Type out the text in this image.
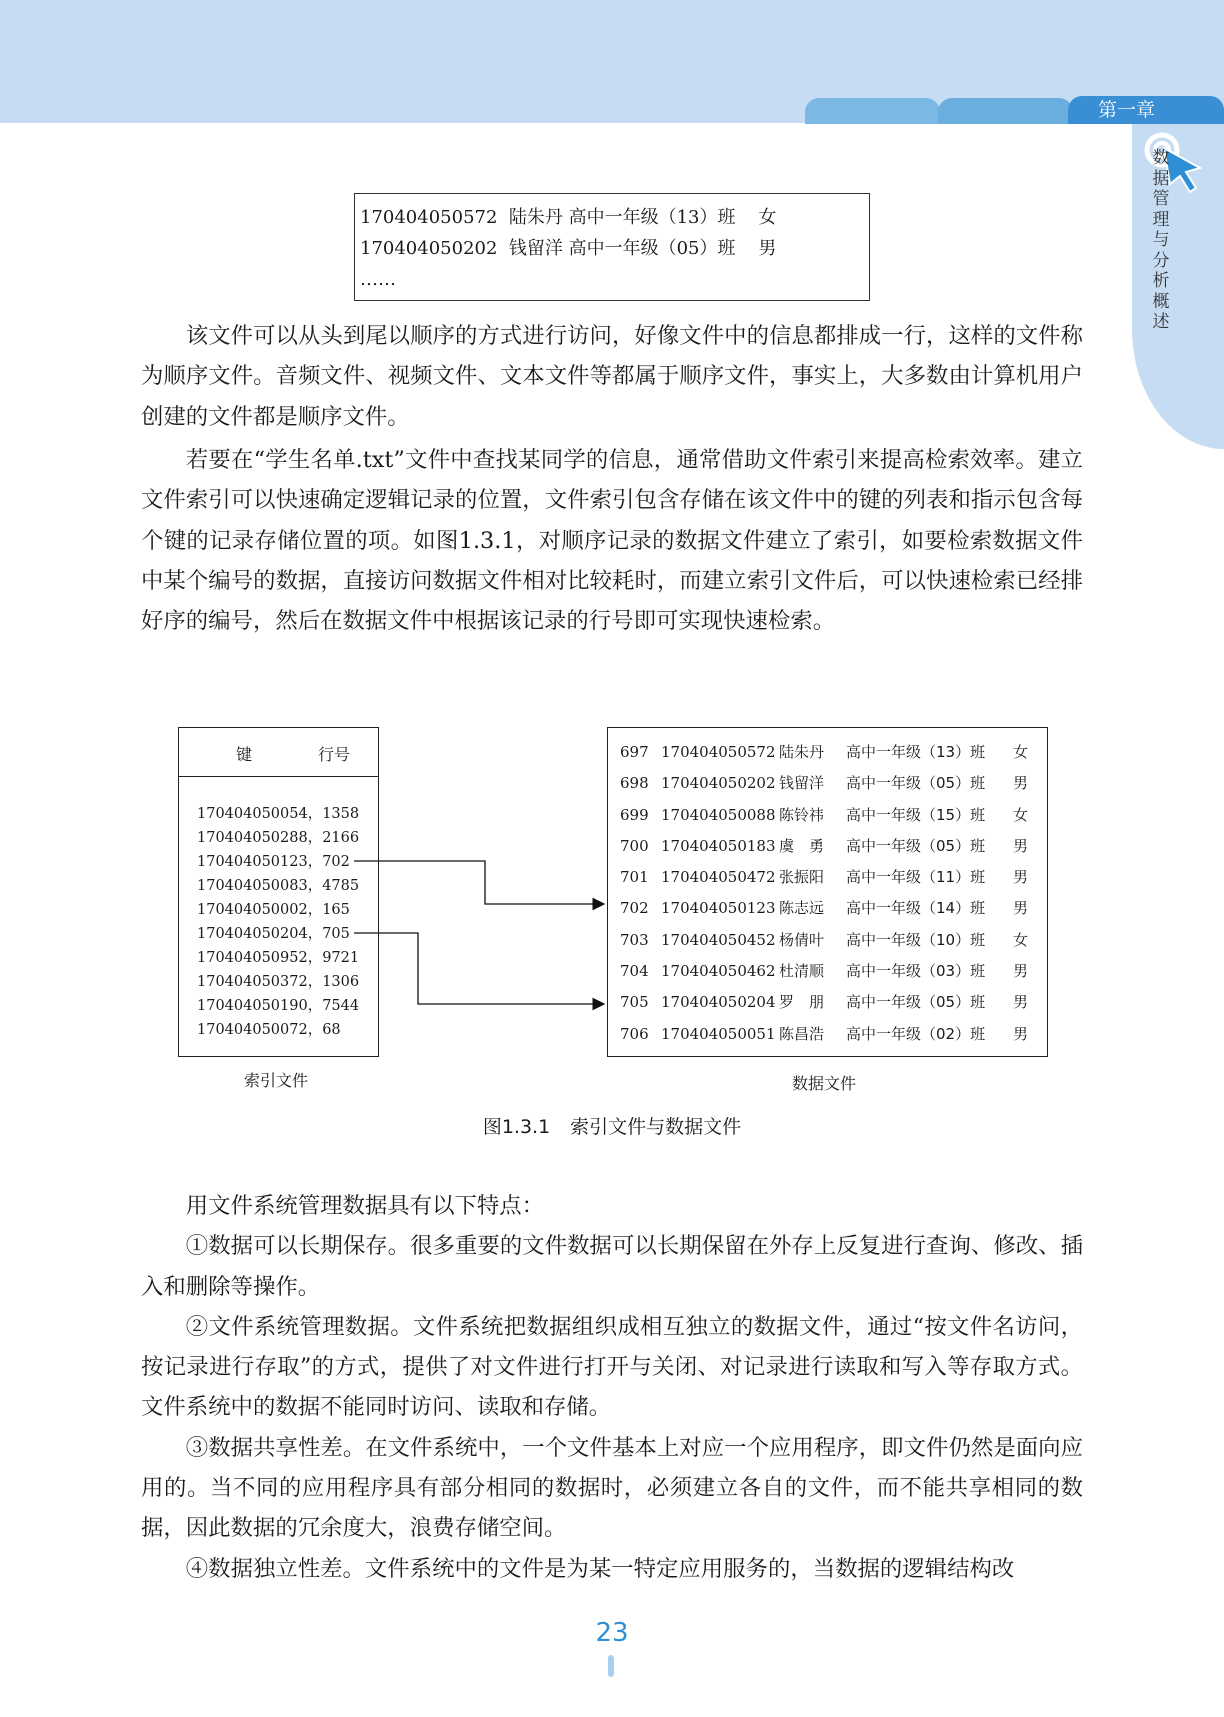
第一章
数据管理与分析概述
170404050572  陆朱丹 高中一年级（13）班    女
170404050202  钱留洋 高中一年级（05）班    男
……

该文件可以从头到尾以顺序的方式进行访问，好像文件中的信息都排成一行，这样的文件称为顺序文件。音频文件、视频文件、文本文件等都属于顺序文件，事实上，大多数由计算机用户创建的文件都是顺序文件。

若要在“学生名单.txt”文件中查找某同学的信息，通常借助文件索引来提高检索效率。建立文件索引可以快速确定逻辑记录的位置，文件索引包含存储在该文件中的键的列表和指示包含每个键的记录存储位置的项。如图1.3.1，对顺序记录的数据文件建立了索引，如要检索数据文件中某个编号的数据，直接访问数据文件相对比较耗时，而建立索引文件后，可以快速检索已经排好序的编号，然后在数据文件中根据该记录的行号即可实现快速检索。

键	行号
170404050054，1358
170404050288，2166
170404050123，702
170404050083，4785
170404050002，165
170404050204，705
170404050952，9721
170404050372，1306
170404050190，7544
170404050072，68
索引文件
697 170404050572 陆朱丹 高中一年级（13）班 女
698 170404050202 钱留洋 高中一年级（05）班 男
699 170404050088 陈铃祎 高中一年级（15）班 女
700 170404050183 虞　勇 高中一年级（05）班 男
701 170404050472 张振阳 高中一年级（11）班 男
702 170404050123 陈志远 高中一年级（14）班 男
703 170404050452 杨倩叶 高中一年级（10）班 女
704 170404050462 杜清顺 高中一年级（03）班 男
705 170404050204 罗　朋 高中一年级（05）班 男
706 170404050051 陈昌浩 高中一年级（02）班 男
数据文件
图1.3.1 索引文件与数据文件

用文件系统管理数据具有以下特点：

①数据可以长期保存。很多重要的文件数据可以长期保留在外存上反复进行查询、修改、插入和删除等操作。

②文件系统管理数据。文件系统把数据组织成相互独立的数据文件，通过“按文件名访问，按记录进行存取”的方式，提供了对文件进行打开与关闭、对记录进行读取和写入等存取方式。文件系统中的数据不能同时访问、读取和存储。

③数据共享性差。在文件系统中，一个文件基本上对应一个应用程序，即文件仍然是面向应用的。当不同的应用程序具有部分相同的数据时，必须建立各自的文件，而不能共享相同的数据，因此数据的冗余度大，浪费存储空间。

④数据独立性差。文件系统中的文件是为某一特定应用服务的，当数据的逻辑结构改

23
